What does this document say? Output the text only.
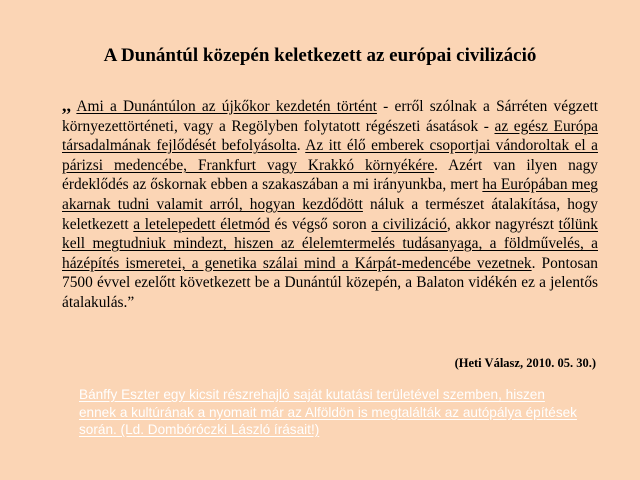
A Dunántúl közepén keletkezett az európai civilizáció
,, Ami a Dunántúlon az újkőkor kezdetén történt - erről szólnak a Sárréten végzett környezettörténeti, vagy a Regölyben folytatott régészeti ásatások - az egész Európa társadalmának fejlődését befolyásolta. Az itt élő emberek csoportjai vándoroltak el a párizsi medencébe, Frankfurt vagy Krakkó környékére. Azért van ilyen nagy érdeklődés az őskornak ebben a szakaszában a mi irányunkba, mert ha Európában meg akarnak tudni valamit arról, hogyan kezdődött náluk a természet átalakítása, hogy keletkezett a letelepedett életmód és végső soron a civilizáció, akkor nagyrészt tőlünk kell megtudniuk mindezt, hiszen az élelemtermelés tudásanyaga, a földművelés, a házépítés ismeretei, a genetika szálai mind a Kárpát-medencébe vezetnek. Pontosan 7500 évvel ezelőtt következett be a Dunántúl közepén, a Balaton vidékén ez a jelentős átalakulás.”
(Heti Válasz, 2010. 05. 30.)
Bánffy Eszter egy kicsit részrehajló saját kutatási területével szemben, hiszen ennek a kultúrának a nyomait már az Alföldön is megtalálták az autópálya építések során. (Ld. Dombóróczki László írásait!)
